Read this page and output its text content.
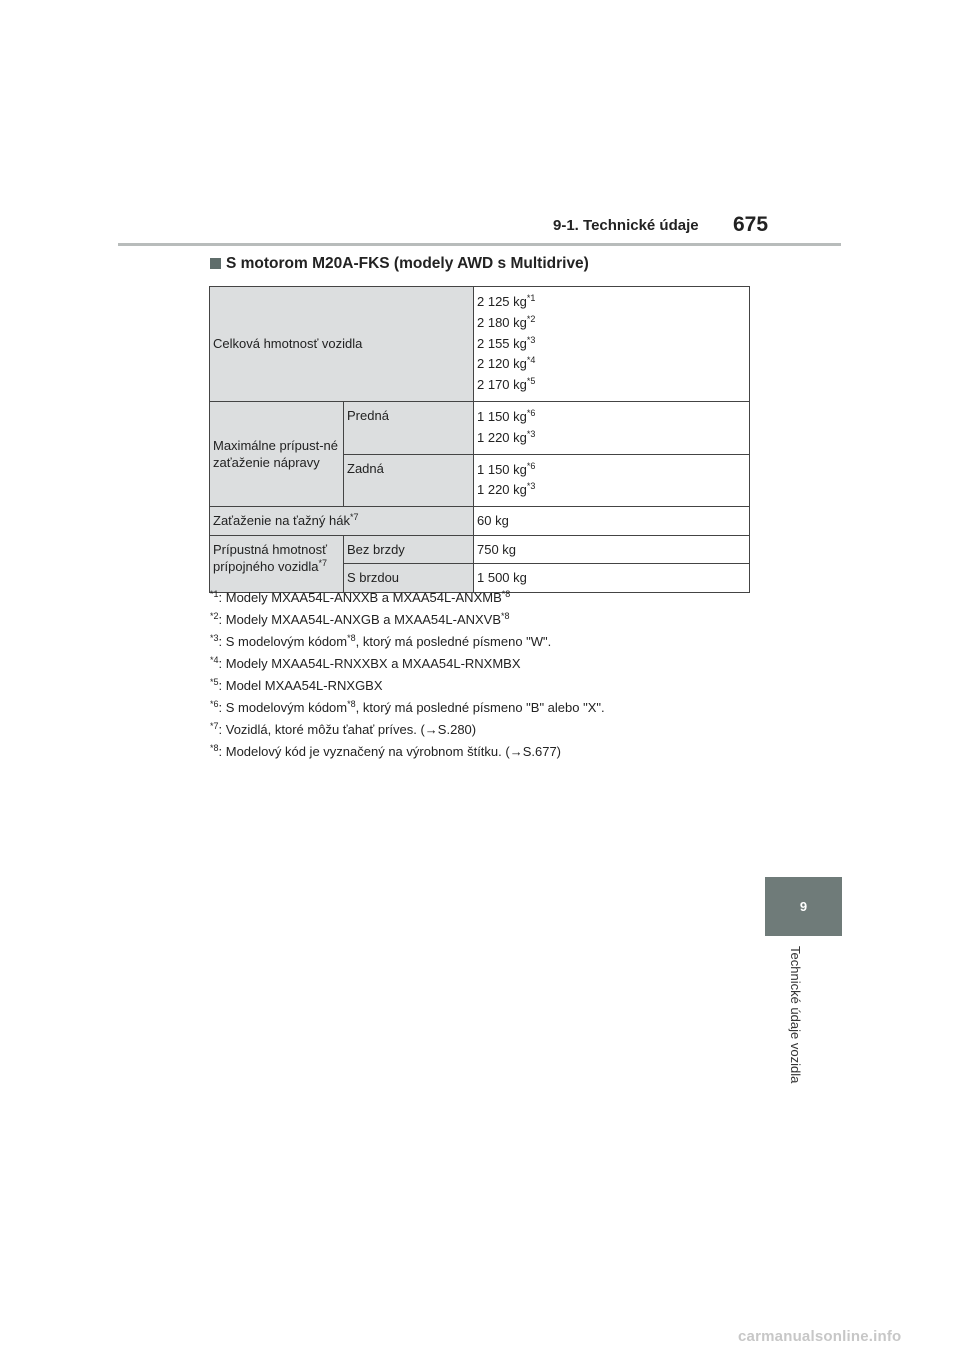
9-1. Technické údaje 675
S motorom M20A-FKS (modely AWD s Multidrive)
Celková hmotnosť vozidla		2 125 $kg^{*1}$
2 180 $kg^{*2}$
2 155 $kg^{*3}$
2 120 $kg^{*4}$
2 170 $kg^{*5}$

Maximálne prípust-né zaťaženie nápravy	Predná	1 150 $kg^{*6}$
1 220 $kg^{*3}$

	Zadná	1 150 $kg^{*6}$
1 220 $kg^{*3}$

Zaťaženie na ťažný hák$^{*7}$		60 kg
Prípustná hmotnosť prípojného vozidla$^{*7}$	Bez brzdy	750 kg
	S brzdou	1 500 kg
$^{*1}$: Modely MXAA54L-ANXXB a MXAA54L-ANXMB$^{*8}$
$^{*2}$: Modely MXAA54L-ANXGB a MXAA54L-ANXVB$^{*8}$
$^{*3}$: S modelovým kódom$^{*8}$, ktorý má posledné písmeno "W".
$^{*4}$: Modely MXAA54L-RNXXBX a MXAA54L-RNXMBX
$^{*5}$: Model MXAA54L-RNXGBX
$^{*6}$: S modelovým kódom$^{*8}$, ktorý má posledné písmeno "B" alebo "X".
$^{*7}$: Vozidlá, ktoré môžu ťahať príves. (→S.280)
$^{*8}$: Modelový kód je vyznačený na výrobnom štítku. (→S.677)
9
Technické údaje vozidla
carmanualsonline.info
